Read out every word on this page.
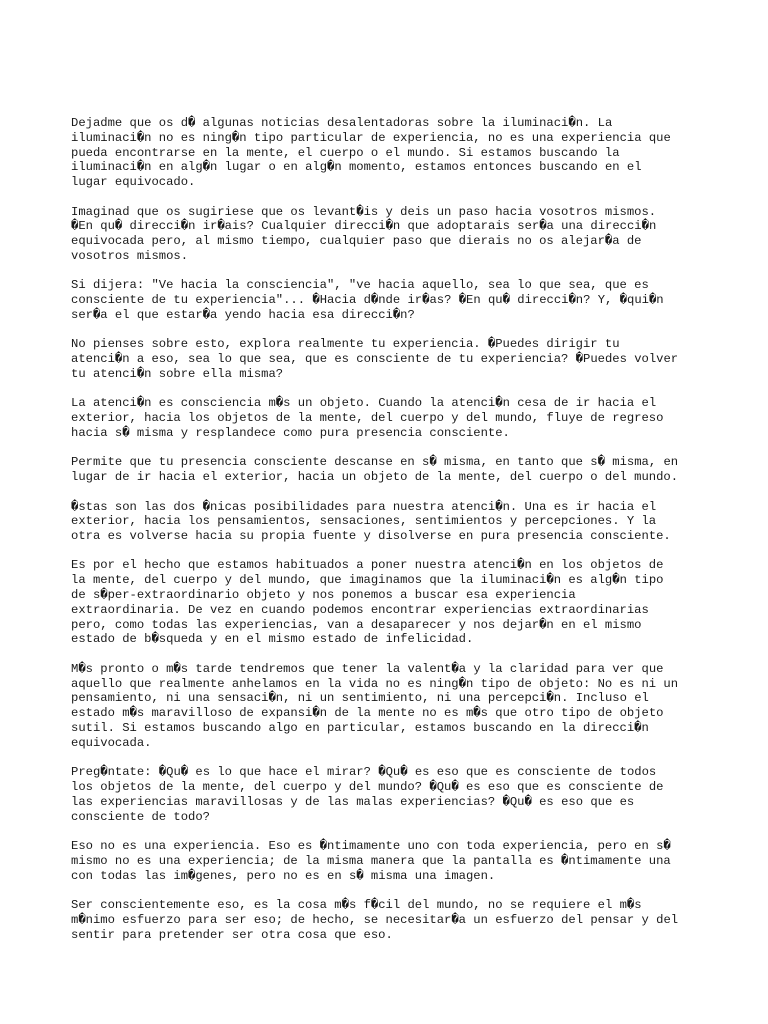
Dejadme que os d� algunas noticias desalentadoras sobre la iluminaci�n. La
iluminaci�n no es ning�n tipo particular de experiencia, no es una experiencia que
pueda encontrarse en la mente, el cuerpo o el mundo. Si estamos buscando la
iluminaci�n en alg�n lugar o en alg�n momento, estamos entonces buscando en el
lugar equivocado.

Imaginad que os sugiriese que os levant�is y deis un paso hacia vosotros mismos.
�En qu� direcci�n ir�ais? Cualquier direcci�n que adoptarais ser�a una direcci�n
equivocada pero, al mismo tiempo, cualquier paso que dierais no os alejar�a de
vosotros mismos.

Si dijera: "Ve hacia la consciencia", "ve hacia aquello, sea lo que sea, que es
consciente de tu experiencia"... �Hacia d�nde ir�as? �En qu� direcci�n? Y, �qui�n
ser�a el que estar�a yendo hacia esa direcci�n?

No pienses sobre esto, explora realmente tu experiencia. �Puedes dirigir tu
atenci�n a eso, sea lo que sea, que es consciente de tu experiencia? �Puedes volver
tu atenci�n sobre ella misma?

La atenci�n es consciencia m�s un objeto. Cuando la atenci�n cesa de ir hacia el
exterior, hacia los objetos de la mente, del cuerpo y del mundo, fluye de regreso
hacia s� misma y resplandece como pura presencia consciente.

Permite que tu presencia consciente descanse en s� misma, en tanto que s� misma, en
lugar de ir hacia el exterior, hacia un objeto de la mente, del cuerpo o del mundo.

�stas son las dos �nicas posibilidades para nuestra atenci�n. Una es ir hacia el
exterior, hacia los pensamientos, sensaciones, sentimientos y percepciones. Y la
otra es volverse hacia su propia fuente y disolverse en pura presencia consciente.

Es por el hecho que estamos habituados a poner nuestra atenci�n en los objetos de
la mente, del cuerpo y del mundo, que imaginamos que la iluminaci�n es alg�n tipo
de s�per-extraordinario objeto y nos ponemos a buscar esa experiencia
extraordinaria. De vez en cuando podemos encontrar experiencias extraordinarias
pero, como todas las experiencias, van a desaparecer y nos dejar�n en el mismo
estado de b�squeda y en el mismo estado de infelicidad.

M�s pronto o m�s tarde tendremos que tener la valent�a y la claridad para ver que
aquello que realmente anhelamos en la vida no es ning�n tipo de objeto: No es ni un
pensamiento, ni una sensaci�n, ni un sentimiento, ni una percepci�n. Incluso el
estado m�s maravilloso de expansi�n de la mente no es m�s que otro tipo de objeto
sutil. Si estamos buscando algo en particular, estamos buscando en la direcci�n
equivocada.

Preg�ntate: �Qu� es lo que hace el mirar? �Qu� es eso que es consciente de todos
los objetos de la mente, del cuerpo y del mundo? �Qu� es eso que es consciente de
las experiencias maravillosas y de las malas experiencias? �Qu� es eso que es
consciente de todo?

Eso no es una experiencia. Eso es �ntimamente uno con toda experiencia, pero en s�
mismo no es una experiencia; de la misma manera que la pantalla es �ntimamente una
con todas las im�genes, pero no es en s� misma una imagen.

Ser conscientemente eso, es la cosa m�s f�cil del mundo, no se requiere el m�s
m�nimo esfuerzo para ser eso; de hecho, se necesitar�a un esfuerzo del pensar y del
sentir para pretender ser otra cosa que eso.
